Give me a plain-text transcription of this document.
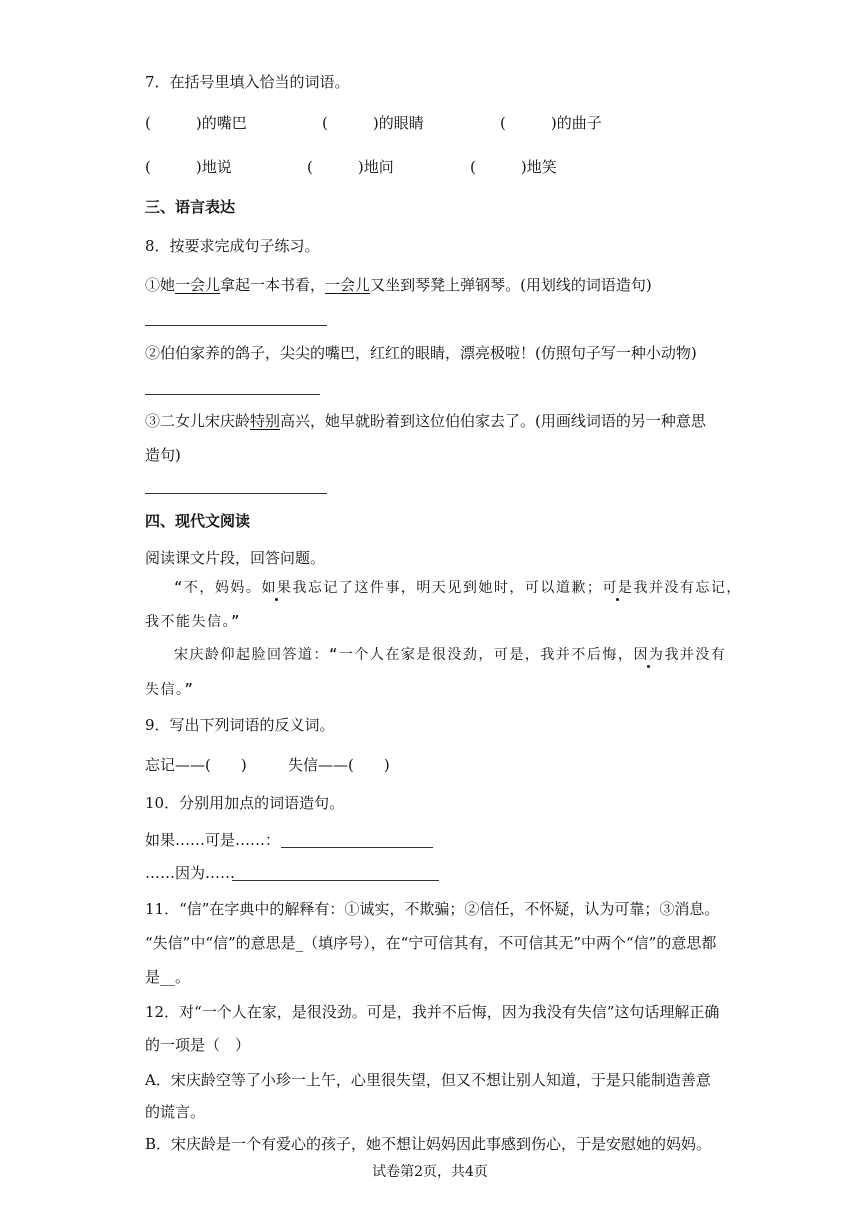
7．在括号里填入恰当的词语。
(　　　)的嘴巴	(　　　)的眼睛	(　　　)的曲子
(　　　)地说	(　　　)地问	(　　　)地笑
三、语言表达
8．按要求完成句子练习。
①她一会儿拿起一本书看，一会儿又坐到琴凳上弹钢琴。(用划线的词语造句)
②伯伯家养的鸽子，尖尖的嘴巴，红红的眼睛，漂亮极啦！(仿照句子写一种小动物)
③二女儿宋庆龄特别高兴，她早就盼着到这位伯伯家去了。(用画线词语的另一种意思
造句)
四、现代文阅读
阅读课文片段，回答问题。
“不，妈妈。如果我忘记了这件事，明天见到她时，可以道歉；可是我并没有忘记，
我不能失信。”
宋庆龄仰起脸回答道：“一个人在家是很没劲，可是，我并不后悔，因为我并没有
失信。”
9．写出下列词语的反义词。
忘记——(　　)	失信——(　　)
10．分别用加点的词语造句。
如果……可是……：
……因为……
11．“信”在字典中的解释有：①诚实，不欺骗；②信任，不怀疑，认为可靠；③消息。
“失信”中“信”的意思是_（填序号），在“宁可信其有，不可信其无”中两个“信”的意思都
是__。
12．对“一个人在家，是很没劲。可是，我并不后悔，因为我没有失信”这句话理解正确
的一项是（　）
A．宋庆龄空等了小珍一上午，心里很失望，但又不想让别人知道，于是只能制造善意
的谎言。
B．宋庆龄是一个有爱心的孩子，她不想让妈妈因此事感到伤心，于是安慰她的妈妈。
试卷第2页，共4页
